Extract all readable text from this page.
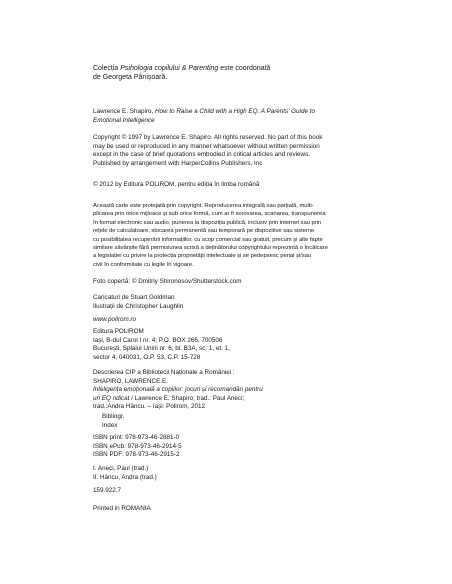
Colecția Psihologia copilului & Parenting este coordonată
de Georgeta Pânișoară.

Lawrence E. Shapiro, How to Raise a Child with a High EQ. A Parents' Guide to
Emotional Intelligence

Copyright © 1997 by Lawrence E. Shapiro. All rights reserved. No part of this book
may be used or reproduced in any manner whatsoever without written permission
except in the case of brief quotations embodied in critical articles and reviews.
Published by arrangement with HarperCollins Publishers, Inc

© 2012 by Editura POLIROM, pentru ediția în limba română

Această carte este protejată prin copyright. Reproducerea integrală sau parțială, multi-
plicarea prin orice mijloace și sub orice formă, cum ar fi xeroxarea, scanarea, transpunerea
în format electronic sau audio, punerea la dispoziția publică, inclusiv prin internet sau prin
rețele de calculatoare, stocarea permanentă sau temporară pe dispozitive sau sisteme
cu posibilitatea recuperării informațiilor, cu scop comercial sau gratuit, precum și alte fapte
similare săvârșite fără permisiunea scrisă a deținătorului copyrightului reprezintă o încălcare
a legislației cu privire la protecția proprietății intelectuale și se pedepsesc penal și/sau
civil în conformitate cu legile în vigoare.

Foto copertă: © Dmitriy Shironosov/Shutterstock.com

Caricaturi de Stuart Goldman
Ilustrații de Christopher Laughlin

www.polirom.ro

Editura POLIROM
Iași, B-dul Carol I nr. 4; P.O. BOX 266, 700506
București, Splaiul Unirii nr. 6, bl. B3A, sc. 1, et. 1,
sector 4, 040031, O.P. 53, C.P. 15-728

Descrierea CIP a Bibliotecii Naționale a României :
SHAPIRO, LAWRENCE E.
Inteligența emoțională a copiilor: jocuri și recomandări pentru
un EQ ridicat / Lawrence E. Shapiro; trad.: Paul Aneci;
trad.:Andra Hâncu. – Iași: Polirom, 2012

Bibliogr.
Index

ISBN print: 978-973-46-2881-0
ISBN ePub: 978-973-46-2914-5
ISBN PDF: 978-973-46-2915-2

I. Aneci, Paul (trad.)
II. Hâncu, Andra (trad.)

159.922.7

Printed in ROMANIA
